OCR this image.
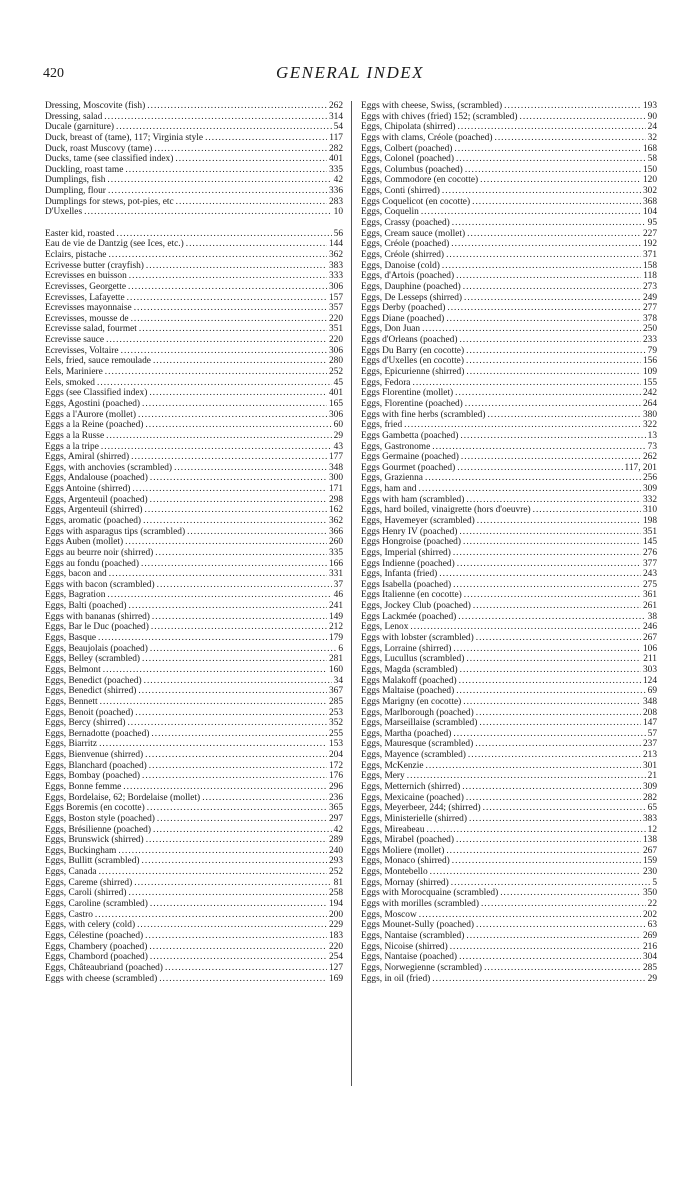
420	GENERAL INDEX
Dressing, Moscovite (fish) .....	262
Dressing, salad .....	314
Ducale (garniture) .....	54
Duck, breast of (tame), 117; Virginia style .....	117
Duck, roast Muscovy (tame) .....	282
Ducks, tame (see classified index) .....	401
Duckling, roast tame .....	335
Dumplings, fish .....	42
Dumpling, flour .....	336
Dumplings for stews, pot-pies, etc .....	283
D'Uxelles .....	10
Easter kid, roasted .....	56
Eau de vie de Dantzig (see Ices, etc.) .....	144
Eclairs, pistache .....	362
Ecrivesse butter (crayfish) .....	383
Ecrevisses en buisson .....	333
Ecrevisses, Georgette .....	306
Ecrevisses, Lafayette .....	157
Ecrevisses mayonnaise .....	357
Ecrevisses, mousse de .....	220
Ecrevisse salad, fourmet .....	351
Ecrevisse sauce .....	220
Ecrevisses, Voltaire .....	306
Eels, fried, sauce remoulade .....	280
Eels, Mariniere .....	252
Eels, smoked .....	45
Eggs (see Classified index) .....	401
Eggs, Agostini (poached) .....	165
Eggs a l'Aurore (mollet) .....	306
Eggs a la Reine (poached) .....	60
Eggs a la Russe .....	29
Eggs a la tripe .....	43
Eggs, Amiral (shirred) .....	177
Eggs, with anchovies (scrambled) .....	348
Eggs, Andalouse (poached) .....	300
Eggs Antoine (shirred) .....	171
Eggs, Argenteuil (poached) .....	298
Eggs, Argenteuil (shirred) .....	162
Eggs, aromatic (poached) .....	362
Eggs with asparagus tips (scrambled) .....	366
Eggs Auben (mollet) .....	260
Eggs au beurre noir (shirred) .....	335
Eggs au fondu (poached) .....	166
Eggs, bacon and .....	331
Eggs with bacon (scrambled) .....	37
Eggs, Bagration .....	46
Eggs, Balti (poached) .....	241
Eggs with bananas (shirred) .....	149
Eggs, Bar le Duc (poached) .....	212
Eggs, Basque .....	179
Eggs, Beaujolais (poached) .....	6
Eggs, Belley (scrambled) .....	281
Eggs, Belmont .....	160
Eggs, Benedict (poached) .....	34
Eggs, Benedict (shirred) .....	367
Eggs, Bennett .....	285
Eggs, Benoit (poached) .....	253
Eggs, Bercy (shirred) .....	352
Eggs, Bernadotte (poached) .....	255
Eggs, Biarritz .....	153
Eggs, Bienvenue (shirred) .....	204
Eggs, Blanchard (poached) .....	172
Eggs, Bombay (poached) .....	176
Eggs, Bonne femme .....	296
Eggs, Bordelaise, 62; Bordelaise (mollet) .....	236
Eggs Boremis (en cocotte) .....	365
Eggs, Boston style (poached) .....	297
Eggs, Brésilienne (poached) .....	42
Eggs, Brunswick (shirred) .....	289
Eggs, Buckingham .....	240
Eggs, Bullitt (scrambled) .....	293
Eggs, Canada .....	252
Eggs, Careme (shirred) .....	81
Eggs, Caroli (shirred) .....	258
Eggs, Caroline (scrambled) .....	194
Eggs, Castro .....	200
Eggs, with celery (cold) .....	229
Eggs, Célestine (poached) .....	183
Eggs, Chambery (poached) .....	220
Eggs, Chambord (poached) .....	254
Eggs, Châteaubriand (poached) .....	127
Eggs with cheese (scrambled) .....	169
Eggs with cheese, Swiss, (scrambled) .....	193
Eggs with chives (fried) 152; (scrambled) .....	90
Eggs, Chipolata (shirred) .....	24
Eggs with clams, Créole (poached) .....	32
Eggs, Colbert (poached) .....	168
Eggs, Colonel (poached) .....	58
Eggs, Columbus (poached) .....	150
Eggs, Commodore (en cocotte) .....	120
Eggs, Conti (shirred) .....	302
Eggs Coquelicot (en cocotte) .....	368
Eggs, Coquelin .....	104
Eggs, Crassy (poached) .....	95
Eggs, Cream sauce (mollet) .....	227
Eggs, Créole (poached) .....	192
Eggs, Créole (shirred) .....	371
Eggs, Danoise (cold) .....	158
Eggs, d'Artois (poached) .....	118
Eggs, Dauphine (poached) .....	273
Eggs, De Lesseps (shirred) .....	249
Eggs Derby (poached) .....	277
Eggs Diane (poached) .....	378
Eggs, Don Juan .....	250
Eggs d'Orleans (poached) .....	233
Eggs Du Barry (en cocotte) .....	79
Eggs d'Uxelles (en cocotte) .....	156
Eggs, Epicurienne (shirred) .....	109
Eggs, Fedora .....	155
Eggs Florentine (mollet) .....	242
Eggs, Florentine (poached) .....	264
Eggs with fine herbs (scrambled) .....	380
Eggs, fried .....	322
Eggs Gambetta (poached) .....	13
Eggs, Gastronome .....	73
Eggs Germaine (poached) .....	262
Eggs Gourmet (poached) .....	117, 201
Eggs, Grazienna .....	256
Eggs, ham and .....	309
Eggs with ham (scrambled) .....	332
Eggs, hard boiled, vinaigrette (hors d'oeuvre) .....	310
Eggs, Havemeyer (scrambled) .....	198
Eggs Henry IV (poached) .....	351
Eggs Hongroise (poached) .....	145
Eggs, Imperial (shirred) .....	276
Eggs Indienne (poached) .....	377
Eggs, Infanta (fried) .....	243
Eggs Isabella (poached) .....	275
Eggs Italienne (en cocotte) .....	361
Eggs, Jockey Club (poached) .....	261
Eggs Lackmée (poached) .....	38
Eggs, Lenox .....	246
Eggs with lobster (scrambled) .....	267
Eggs, Lorraine (shirred) .....	106
Eggs, Lucullus (scrambled) .....	211
Eggs, Magda (scrambled) .....	303
Eggs Malakoff (poached) .....	124
Eggs Maltaise (poached) .....	69
Eggs Marigny (en cocotte) .....	348
Eggs, Marlborough (poached) .....	208
Eggs, Marseillaise (scrambled) .....	147
Eggs, Martha (poached) .....	57
Eggs, Mauresque (scrambled) .....	237
Eggs, Mayence (scrambled) .....	213
Eggs, McKenzie .....	301
Eggs, Mery .....	21
Eggs, Metternich (shirred) .....	309
Eggs, Mexicaine (poached) .....	282
Eggs, Meyerbeer, 244; (shirred) .....	65
Eggs, Ministerielle (shirred) .....	383
Eggs, Mireabeau .....	12
Eggs, Mirabel (poached) .....	138
Eggs Moliere (mollet) .....	267
Eggs, Monaco (shirred) .....	159
Eggs, Montebello .....	230
Eggs, Mornay (shirred) .....	5
Eggs with Morocquaine (scrambled) .....	350
Eggs with morilles (scrambled) .....	22
Eggs, Moscow .....	202
Eggs Mounet-Sully (poached) .....	63
Eggs, Nantaise (scrambled) .....	269
Eggs, Nicoise (shirred) .....	216
Eggs, Nantaise (poached) .....	304
Eggs, Norwegienne (scrambled) .....	285
Eggs, in oil (fried) .....	29
